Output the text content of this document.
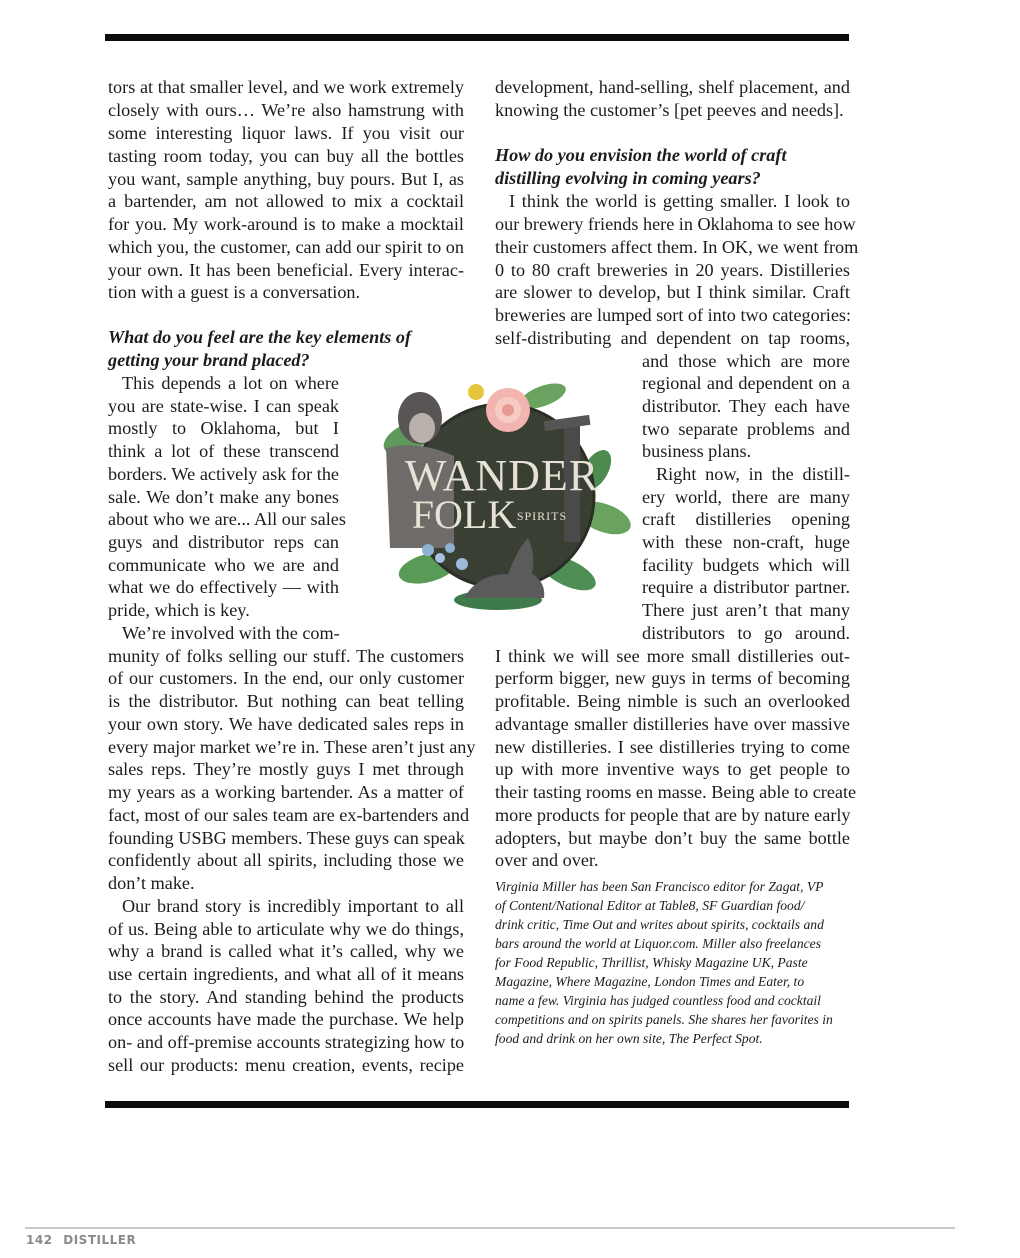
tors at that smaller level, and we work extremely
closely with ours… We’re also hamstrung with
some interesting liquor laws. If you visit our
tasting room today, you can buy all the bottles
you want, sample anything, buy pours. But I, as
a bartender, am not allowed to mix a cocktail
for you. My work-around is to make a mocktail
which you, the customer, can add our spirit to on
your own. It has been beneficial. Every interac-
tion with a guest is a conversation.
What do you feel are the key elements of
getting your brand placed?
This depends a lot on where
you are state-wise. I can speak
mostly to Oklahoma, but I
think a lot of these transcend
borders. We actively ask for the
sale. We don’t make any bones
about who we are... All our sales
guys and distributor reps can
communicate who we are and
what we do effectively — with
pride, which is key.
We’re involved with the com-
munity of folks selling our stuff. The customers
of our customers. In the end, our only customer
is the distributor. But nothing can beat telling
your own story. We have dedicated sales reps in
every major market we’re in. These aren’t just any
sales reps. They’re mostly guys I met through
my years as a working bartender. As a matter of
fact, most of our sales team are ex-bartenders and
founding USBG members. These guys can speak
confidently about all spirits, including those we
don’t make.
Our brand story is incredibly important to all
of us. Being able to articulate why we do things,
why a brand is called what it’s called, why we
use certain ingredients, and what all of it means
to the story. And standing behind the products
once accounts have made the purchase. We help
on- and off-premise accounts strategizing how to
sell our products: menu creation, events, recipe
WANDER
FOLK SPIRITS
development, hand-selling, shelf placement, and
knowing the customer’s [pet peeves and needs].
How do you envision the world of craft
distilling evolving in coming years?
I think the world is getting smaller. I look to
our brewery friends here in Oklahoma to see how
their customers affect them. In OK, we went from
0 to 80 craft breweries in 20 years. Distilleries
are slower to develop, but I think similar. Craft
breweries are lumped sort of into two categories:
self-distributing and dependent on tap rooms,
and those which are more
regional and dependent on a
distributor. They each have
two separate problems and
business plans.
Right now, in the distill-
ery world, there are many
craft distilleries opening
with these non-craft, huge
facility budgets which will
require a distributor partner.
There just aren’t that many
distributors to go around.
I think we will see more small distilleries out-
perform bigger, new guys in terms of becoming
profitable. Being nimble is such an overlooked
advantage smaller distilleries have over massive
new distilleries. I see distilleries trying to come
up with more inventive ways to get people to
their tasting rooms en masse. Being able to create
more products for people that are by nature early
adopters, but maybe don’t buy the same bottle
over and over.
Virginia Miller has been San Francisco editor for Zagat, VP
of Content/National Editor at Table8, SF Guardian food/
drink critic, Time Out and writes about spirits, cocktails and
bars around the world at Liquor.com. Miller also freelances
for Food Republic, Thrillist, Whisky Magazine UK, Paste
Magazine, Where Magazine, London Times and Eater, to
name a few. Virginia has judged countless food and cocktail
competitions and on spirits panels. She shares her favorites in
food and drink on her own site, The Perfect Spot.
142 DISTILLER
